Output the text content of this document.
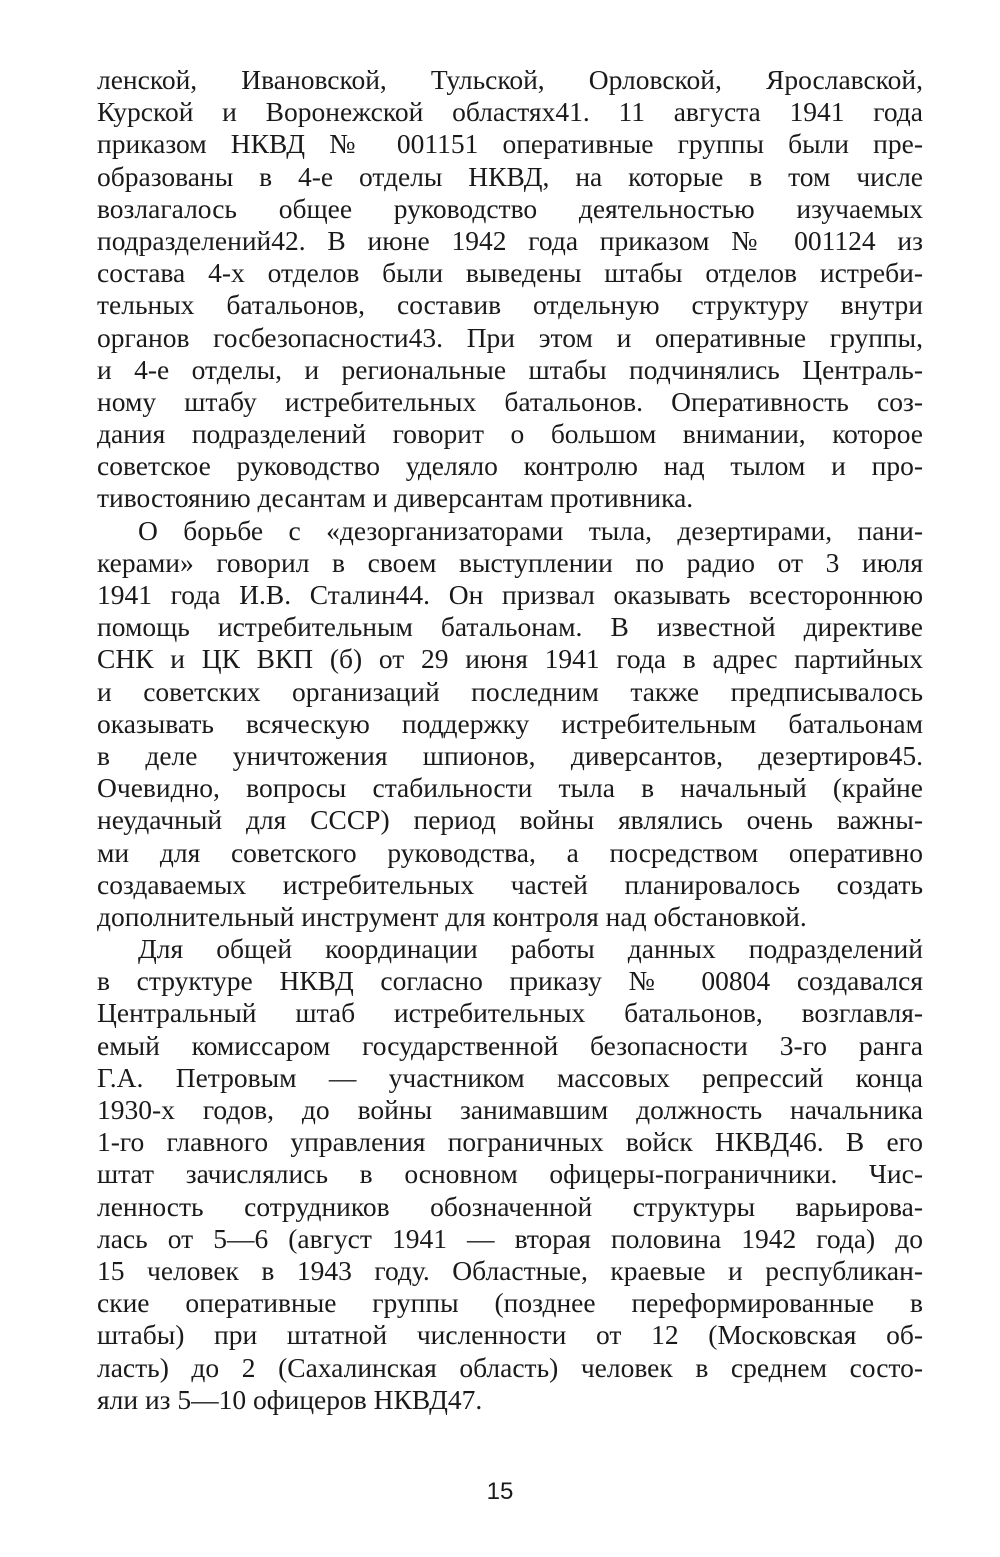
ленской, Ивановской, Тульской, Орловской, Ярославской,
Курской и Воронежской областях41. 11 августа 1941 года
приказом НКВД № 001151 оперативные группы были пре-
образованы в 4-е отделы НКВД, на которые в том числе
возлагалось общее руководство деятельностью изучаемых
подразделений42. В июне 1942 года приказом № 001124 из
состава 4-х отделов были выведены штабы отделов истреби-
тельных батальонов, составив отдельную структуру внутри
органов госбезопасности43. При этом и оперативные группы,
и 4-е отделы, и региональные штабы подчинялись Централь-
ному штабу истребительных батальонов. Оперативность соз-
дания подразделений говорит о большом внимании, которое
советское руководство уделяло контролю над тылом и про-
тивостоянию десантам и диверсантам противника.
О борьбе с «дезорганизаторами тыла, дезертирами, пани-
керами» говорил в своем выступлении по радио от 3 июля
1941 года И.В. Сталин44. Он призвал оказывать всестороннюю
помощь истребительным батальонам. В известной директиве
СНК и ЦК ВКП (б) от 29 июня 1941 года в адрес партийных
и советских организаций последним также предписывалось
оказывать всяческую поддержку истребительным батальонам
в деле уничтожения шпионов, диверсантов, дезертиров45.
Очевидно, вопросы стабильности тыла в начальный (крайне
неудачный для СССР) период войны являлись очень важны-
ми для советского руководства, а посредством оперативно
создаваемых истребительных частей планировалось создать
дополнительный инструмент для контроля над обстановкой.
Для общей координации работы данных подразделений
в структуре НКВД согласно приказу № 00804 создавался
Центральный штаб истребительных батальонов, возглавля-
емый комиссаром государственной безопасности 3-го ранга
Г.А. Петровым — участником массовых репрессий конца
1930-х годов, до войны занимавшим должность начальника
1-го главного управления пограничных войск НКВД46. В его
штат зачислялись в основном офицеры-пограничники. Чис-
ленность сотрудников обозначенной структуры варьирова-
лась от 5—6 (август 1941 — вторая половина 1942 года) до
15 человек в 1943 году. Областные, краевые и республикан-
ские оперативные группы (позднее переформированные в
штабы) при штатной численности от 12 (Московская об-
ласть) до 2 (Сахалинская область) человек в среднем состо-
яли из 5—10 офицеров НКВД47.
15
